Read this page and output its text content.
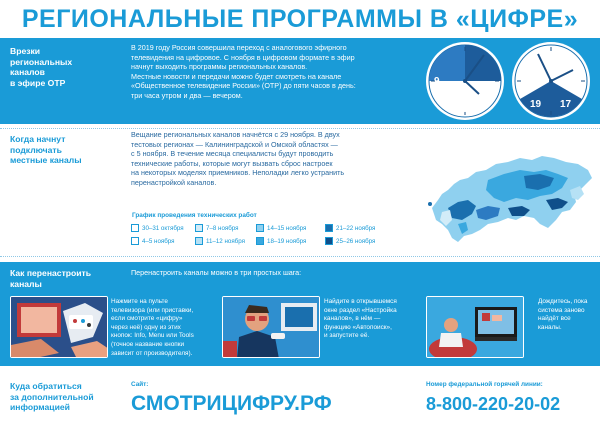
РЕГИОНАЛЬНЫЕ ПРОГРАММЫ В «ЦИФРЕ»
Врезки
региональных
каналов
в эфире ОТР
В 2019 году Россия совершила переход с аналогового эфирного
телевидения на цифровое. С ноября в цифровом формате в эфир
начнут выходить программы региональных каналов.
Местные новости и передачи можно будет смотреть на канале
«Общественное телевидение России» (ОТР) до пяти часов в день:
три часа утром и два — вечером.
9
6	19 17
Когда начнут
подключать
местные каналы
Вещание региональных каналов начнётся с 29 ноября. В двух
тестовых регионах — Калининградской и Омской областях —
с 5 ноября. В течение месяца специалисты будут проводить
технические работы, которые могут вызвать сброс настроек
на некоторых моделях приемников. Неполадки легко устранить
перенастройкой каналов.
График проведения технических работ
30–31 октября	7–8 ноября	14–15 ноября	21–22 ноября
4–5 ноября	11–12 ноября	18–19 ноября	25–26 ноября
Как перенастроить
каналы
Перенастроить каналы можно в три простых шага:
Нажмите на пульте
телевизора (или приставки,
если смотрите «цифру»
через неё) одну из этих
кнопок: Info, Menu или Tools
(точное название кнопки
зависит от производителя).
Найдите в открывшемся
окне раздел «Настройка
каналов», в нём —
функцию «Автопоиск»,
и запустите её.
Дождитесь, пока
система заново
найдёт все
каналы.
Куда обратиться
за дополнительной
информацией
Сайт:
СМОТРИЦИФРУ.РФ
Номер федеральной горячей линии:
8-800-220-20-02
